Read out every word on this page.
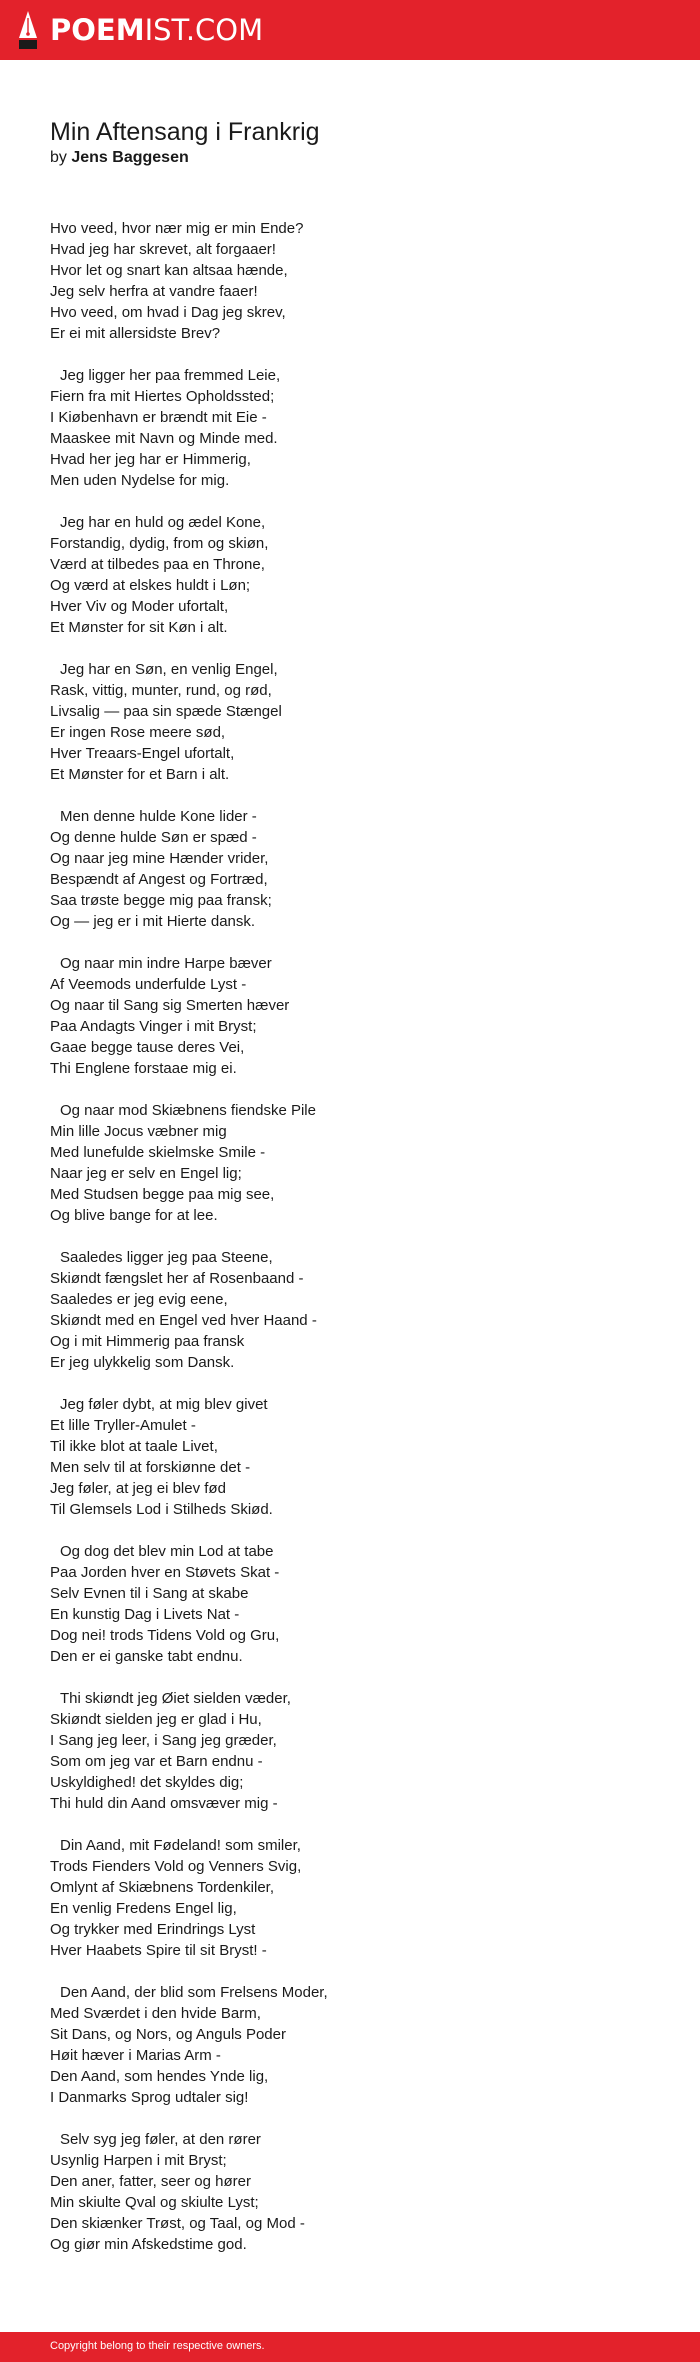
POEMIST.COM
Min Aftensang i Frankrig
by Jens Baggesen
Hvo veed, hvor nær mig er min Ende?
Hvad jeg har skrevet, alt forgaaer!
Hvor let og snart kan altsaa hænde,
Jeg selv herfra at vandre faaer!
Hvo veed, om hvad i Dag jeg skrev,
Er ei mit allersidste Brev?
Jeg ligger her paa fremmed Leie,
Fiern fra mit Hiertes Opholdssted;
I Kiøbenhavn er brændt mit Eie -
Maaskee mit Navn og Minde med.
Hvad her jeg har er Himmerig,
Men uden Nydelse for mig.
Jeg har en huld og ædel Kone,
Forstandig, dydig, from og skiøn,
Værd at tilbedes paa en Throne,
Og værd at elskes huldt i Løn;
Hver Viv og Moder ufortalt,
Et Mønster for sit Køn i alt.
Jeg har en Søn, en venlig Engel,
Rask, vittig, munter, rund, og rød,
Livsalig — paa sin spæde Stængel
Er ingen Rose meere sød,
Hver Treaars-Engel ufortalt,
Et Mønster for et Barn i alt.
Men denne hulde Kone lider -
Og denne hulde Søn er spæd -
Og naar jeg mine Hænder vrider,
Bespændt af Angest og Fortræd,
Saa trøste begge mig paa fransk;
Og — jeg er i mit Hierte dansk.
Og naar min indre Harpe bæver
Af Veemods underfulde Lyst -
Og naar til Sang sig Smerten hæver
Paa Andagts Vinger i mit Bryst;
Gaae begge tause deres Vei,
Thi Englene forstaae mig ei.
Og naar mod Skiæbnens fiendske Pile
Min lille Jocus væbner mig
Med lunefulde skielmske Smile -
Naar jeg er selv en Engel lig;
Med Studsen begge paa mig see,
Og blive bange for at lee.
Saaledes ligger jeg paa Steene,
Skiøndt fængslet her af Rosenbaand -
Saaledes er jeg evig eene,
Skiøndt med en Engel ved hver Haand -
Og i mit Himmerig paa fransk
Er jeg ulykkelig som Dansk.
Jeg føler dybt, at mig blev givet
Et lille Tryller-Amulet -
Til ikke blot at taale Livet,
Men selv til at forskiønne det -
Jeg føler, at jeg ei blev fød
Til Glemsels Lod i Stilheds Skiød.
Og dog det blev min Lod at tabe
Paa Jorden hver en Støvets Skat -
Selv Evnen til i Sang at skabe
En kunstig Dag i Livets Nat -
Dog nei! trods Tidens Vold og Gru,
Den er ei ganske tabt endnu.
Thi skiøndt jeg Øiet sielden væder,
Skiøndt sielden jeg er glad i Hu,
I Sang jeg leer, i Sang jeg græder,
Som om jeg var et Barn endnu -
Uskyldighed! det skyldes dig;
Thi huld din Aand omsvæver mig -
Din Aand, mit Fødeland! som smiler,
Trods Fienders Vold og Venners Svig,
Omlynt af Skiæbnens Tordenkiler,
En venlig Fredens Engel lig,
Og trykker med Erindrings Lyst
Hver Haabets Spire til sit Bryst! -
Den Aand, der blid som Frelsens Moder,
Med Sværdet i den hvide Barm,
Sit Dans, og Nors, og Anguls Poder
Høit hæver i Marias Arm -
Den Aand, som hendes Ynde lig,
I Danmarks Sprog udtaler sig!
Selv syg jeg føler, at den rører
Usynlig Harpen i mit Bryst;
Den aner, fatter, seer og hører
Min skiulte Qval og skiulte Lyst;
Den skiænker Trøst, og Taal, og Mod -
Og giør min Afskedstime god.
Copyright belong to their respective owners.
